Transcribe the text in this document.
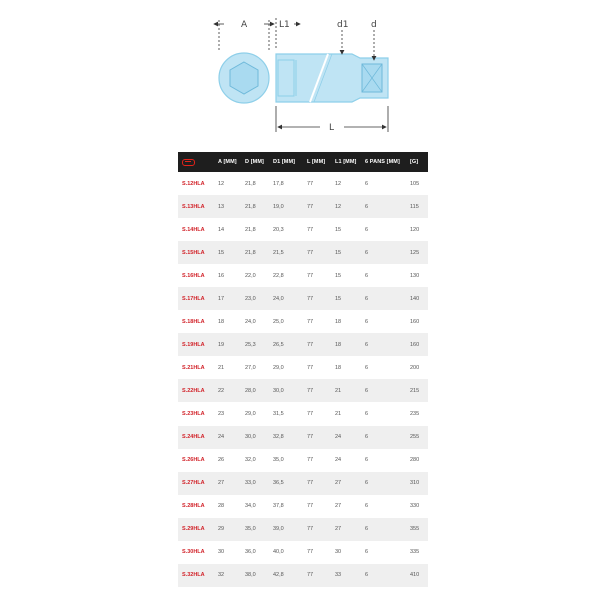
A	L1	d1	d
L
	A [MM]	D [MM]	D1 [MM]	L [MM]	L1 [MM]	6 PANS [MM]	[G]
S.12HLA	12	21,8	17,8	77	12	6	105
S.13HLA	13	21,8	19,0	77	12	6	115
S.14HLA	14	21,8	20,3	77	15	6	120
S.15HLA	15	21,8	21,5	77	15	6	125
S.16HLA	16	22,0	22,8	77	15	6	130
S.17HLA	17	23,0	24,0	77	15	6	140
S.18HLA	18	24,0	25,0	77	18	6	160
S.19HLA	19	25,3	26,5	77	18	6	160
S.21HLA	21	27,0	29,0	77	18	6	200
S.22HLA	22	28,0	30,0	77	21	6	215
S.23HLA	23	29,0	31,5	77	21	6	235
S.24HLA	24	30,0	32,8	77	24	6	255
S.26HLA	26	32,0	35,0	77	24	6	280
S.27HLA	27	33,0	36,5	77	27	6	310
S.28HLA	28	34,0	37,8	77	27	6	330
S.29HLA	29	35,0	39,0	77	27	6	355
S.30HLA	30	36,0	40,0	77	30	6	335
S.32HLA	32	38,0	42,8	77	33	6	410
